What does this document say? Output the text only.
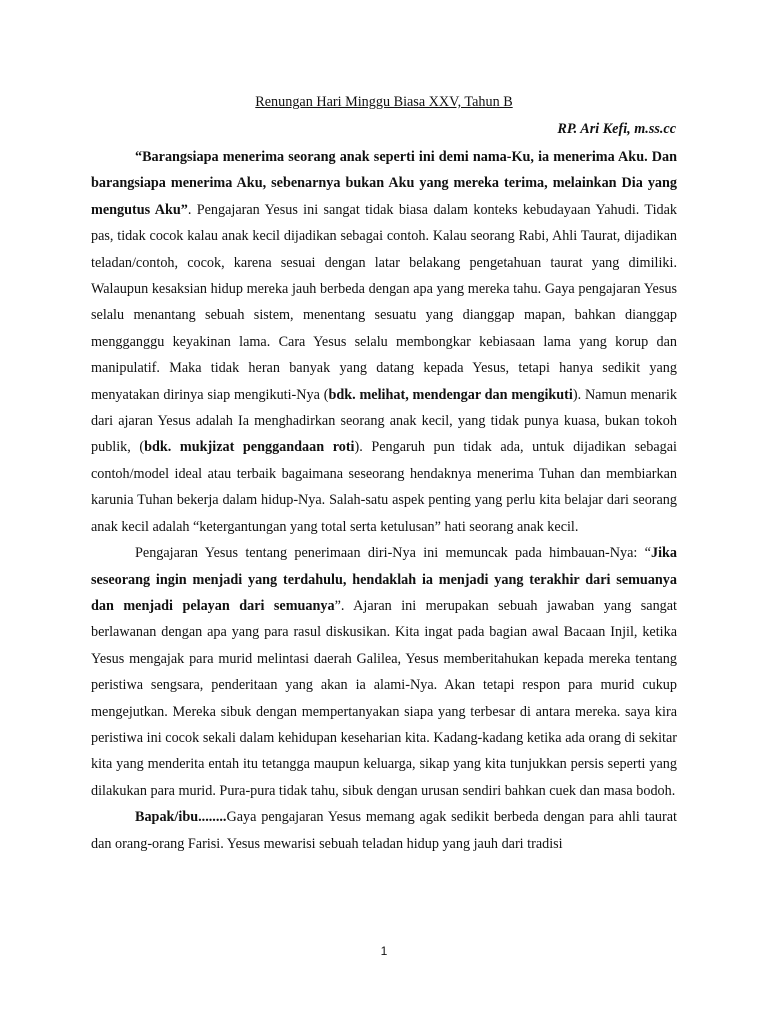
Renungan Hari Minggu Biasa XXV, Tahun B
RP. Ari Kefi, m.ss.cc

“Barangsiapa menerima seorang anak seperti ini demi nama-Ku, ia menerima Aku. Dan barangsiapa menerima Aku, sebenarnya bukan Aku yang mereka terima, melainkan Dia yang mengutus Aku”. Pengajaran Yesus ini sangat tidak biasa dalam konteks kebudayaan Yahudi. Tidak pas, tidak cocok kalau anak kecil dijadikan sebagai contoh. Kalau seorang Rabi, Ahli Taurat, dijadikan teladan/contoh, cocok, karena sesuai dengan latar belakang pengetahuan taurat yang dimiliki. Walaupun kesaksian hidup mereka jauh berbeda dengan apa yang mereka tahu. Gaya pengajaran Yesus selalu menantang sebuah sistem, menentang sesuatu yang dianggap mapan, bahkan dianggap mengganggu keyakinan lama. Cara Yesus selalu membongkar kebiasaan lama yang korup dan manipulatif. Maka tidak heran banyak yang datang kepada Yesus, tetapi hanya sedikit yang menyatakan dirinya siap mengikuti-Nya (bdk. melihat, mendengar dan mengikuti). Namun menarik dari ajaran Yesus adalah Ia menghadirkan seorang anak kecil, yang tidak punya kuasa, bukan tokoh publik, (bdk. mukjizat penggandaan roti). Pengaruh pun tidak ada, untuk dijadikan sebagai contoh/model ideal atau terbaik bagaimana seseorang hendaknya menerima Tuhan dan membiarkan karunia Tuhan bekerja dalam hidup-Nya. Salah-satu aspek penting yang perlu kita belajar dari seorang anak kecil adalah “ketergantungan yang total serta ketulusan” hati seorang anak kecil.

Pengajaran Yesus tentang penerimaan diri-Nya ini memuncak pada himbauan-Nya: “Jika seseorang ingin menjadi yang terdahulu, hendaklah ia menjadi yang terakhir dari semuanya dan menjadi pelayan dari semuanya”. Ajaran ini merupakan sebuah jawaban yang sangat berlawanan dengan apa yang para rasul diskusikan. Kita ingat pada bagian awal Bacaan Injil, ketika Yesus mengajak para murid melintasi daerah Galilea, Yesus memberitahukan kepada mereka tentang peristiwa sengsara, penderitaan yang akan ia alami-Nya. Akan tetapi respon para murid cukup mengejutkan. Mereka sibuk dengan mempertanyakan siapa yang terbesar di antara mereka. saya kira peristiwa ini cocok sekali dalam kehidupan keseharian kita. Kadang-kadang ketika ada orang di sekitar kita yang menderita entah itu tetangga maupun keluarga, sikap yang kita tunjukkan persis seperti yang dilakukan para murid. Pura-pura tidak tahu, sibuk dengan urusan sendiri bahkan cuek dan masa bodoh.

Bapak/ibu........Gaya pengajaran Yesus memang agak sedikit berbeda dengan para ahli taurat dan orang-orang Farisi. Yesus mewarisi sebuah teladan hidup yang jauh dari tradisi

1
